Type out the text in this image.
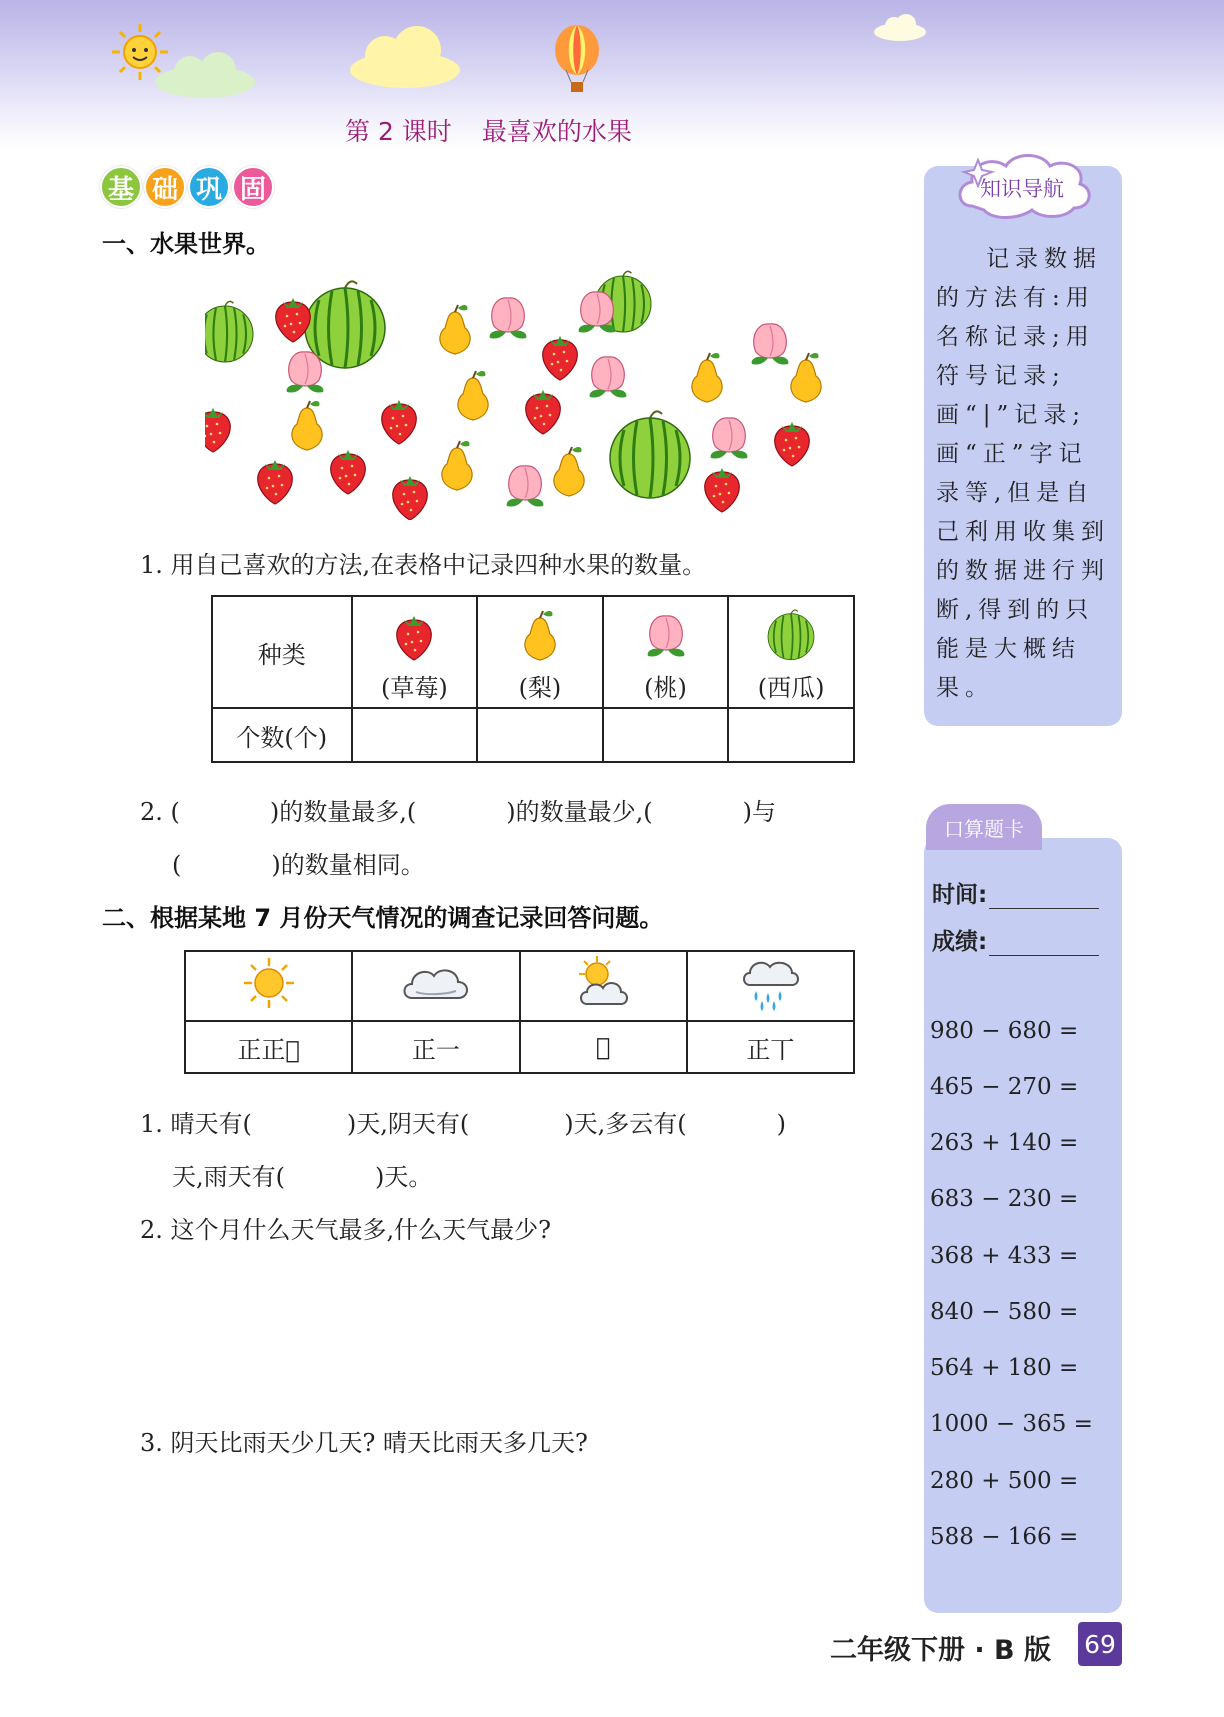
第 2 课时 最喜欢的水果
基 础 巩 固
一、水果世界。
1. 用自己喜欢的方法,在表格中记录四种水果的数量。
种类	(草莓)	(梨)	(桃)	(西瓜)

个数(个)				
2. (	)的数量最多,(	)的数量最少,(	)与
(	)的数量相同。
二、根据某地 7 月份天气情况的调查记录回答问题。

正正𤽄	正一	𤽄	正丅
1. 晴天有(	)天,阴天有(	)天,多云有(	)
天,雨天有(	)天。
2. 这个月什么天气最多,什么天气最少?
3. 阴天比雨天少几天? 晴天比雨天多几天?
知识导航
记录数据的方法有:用名称记录;用符号记录;画“|”记录;画“正”字记录等,但是自己利用收集到的数据进行判断,得到的只能是大概结果。
口算题卡
时间:
成绩:
980 − 680 =
465 − 270 =
263 + 140 =
683 − 230 =
368 + 433 =
840 − 580 =
564 + 180 =
1000 − 365 =
280 + 500 =
588 − 166 =
二年级下册 · B 版 69
